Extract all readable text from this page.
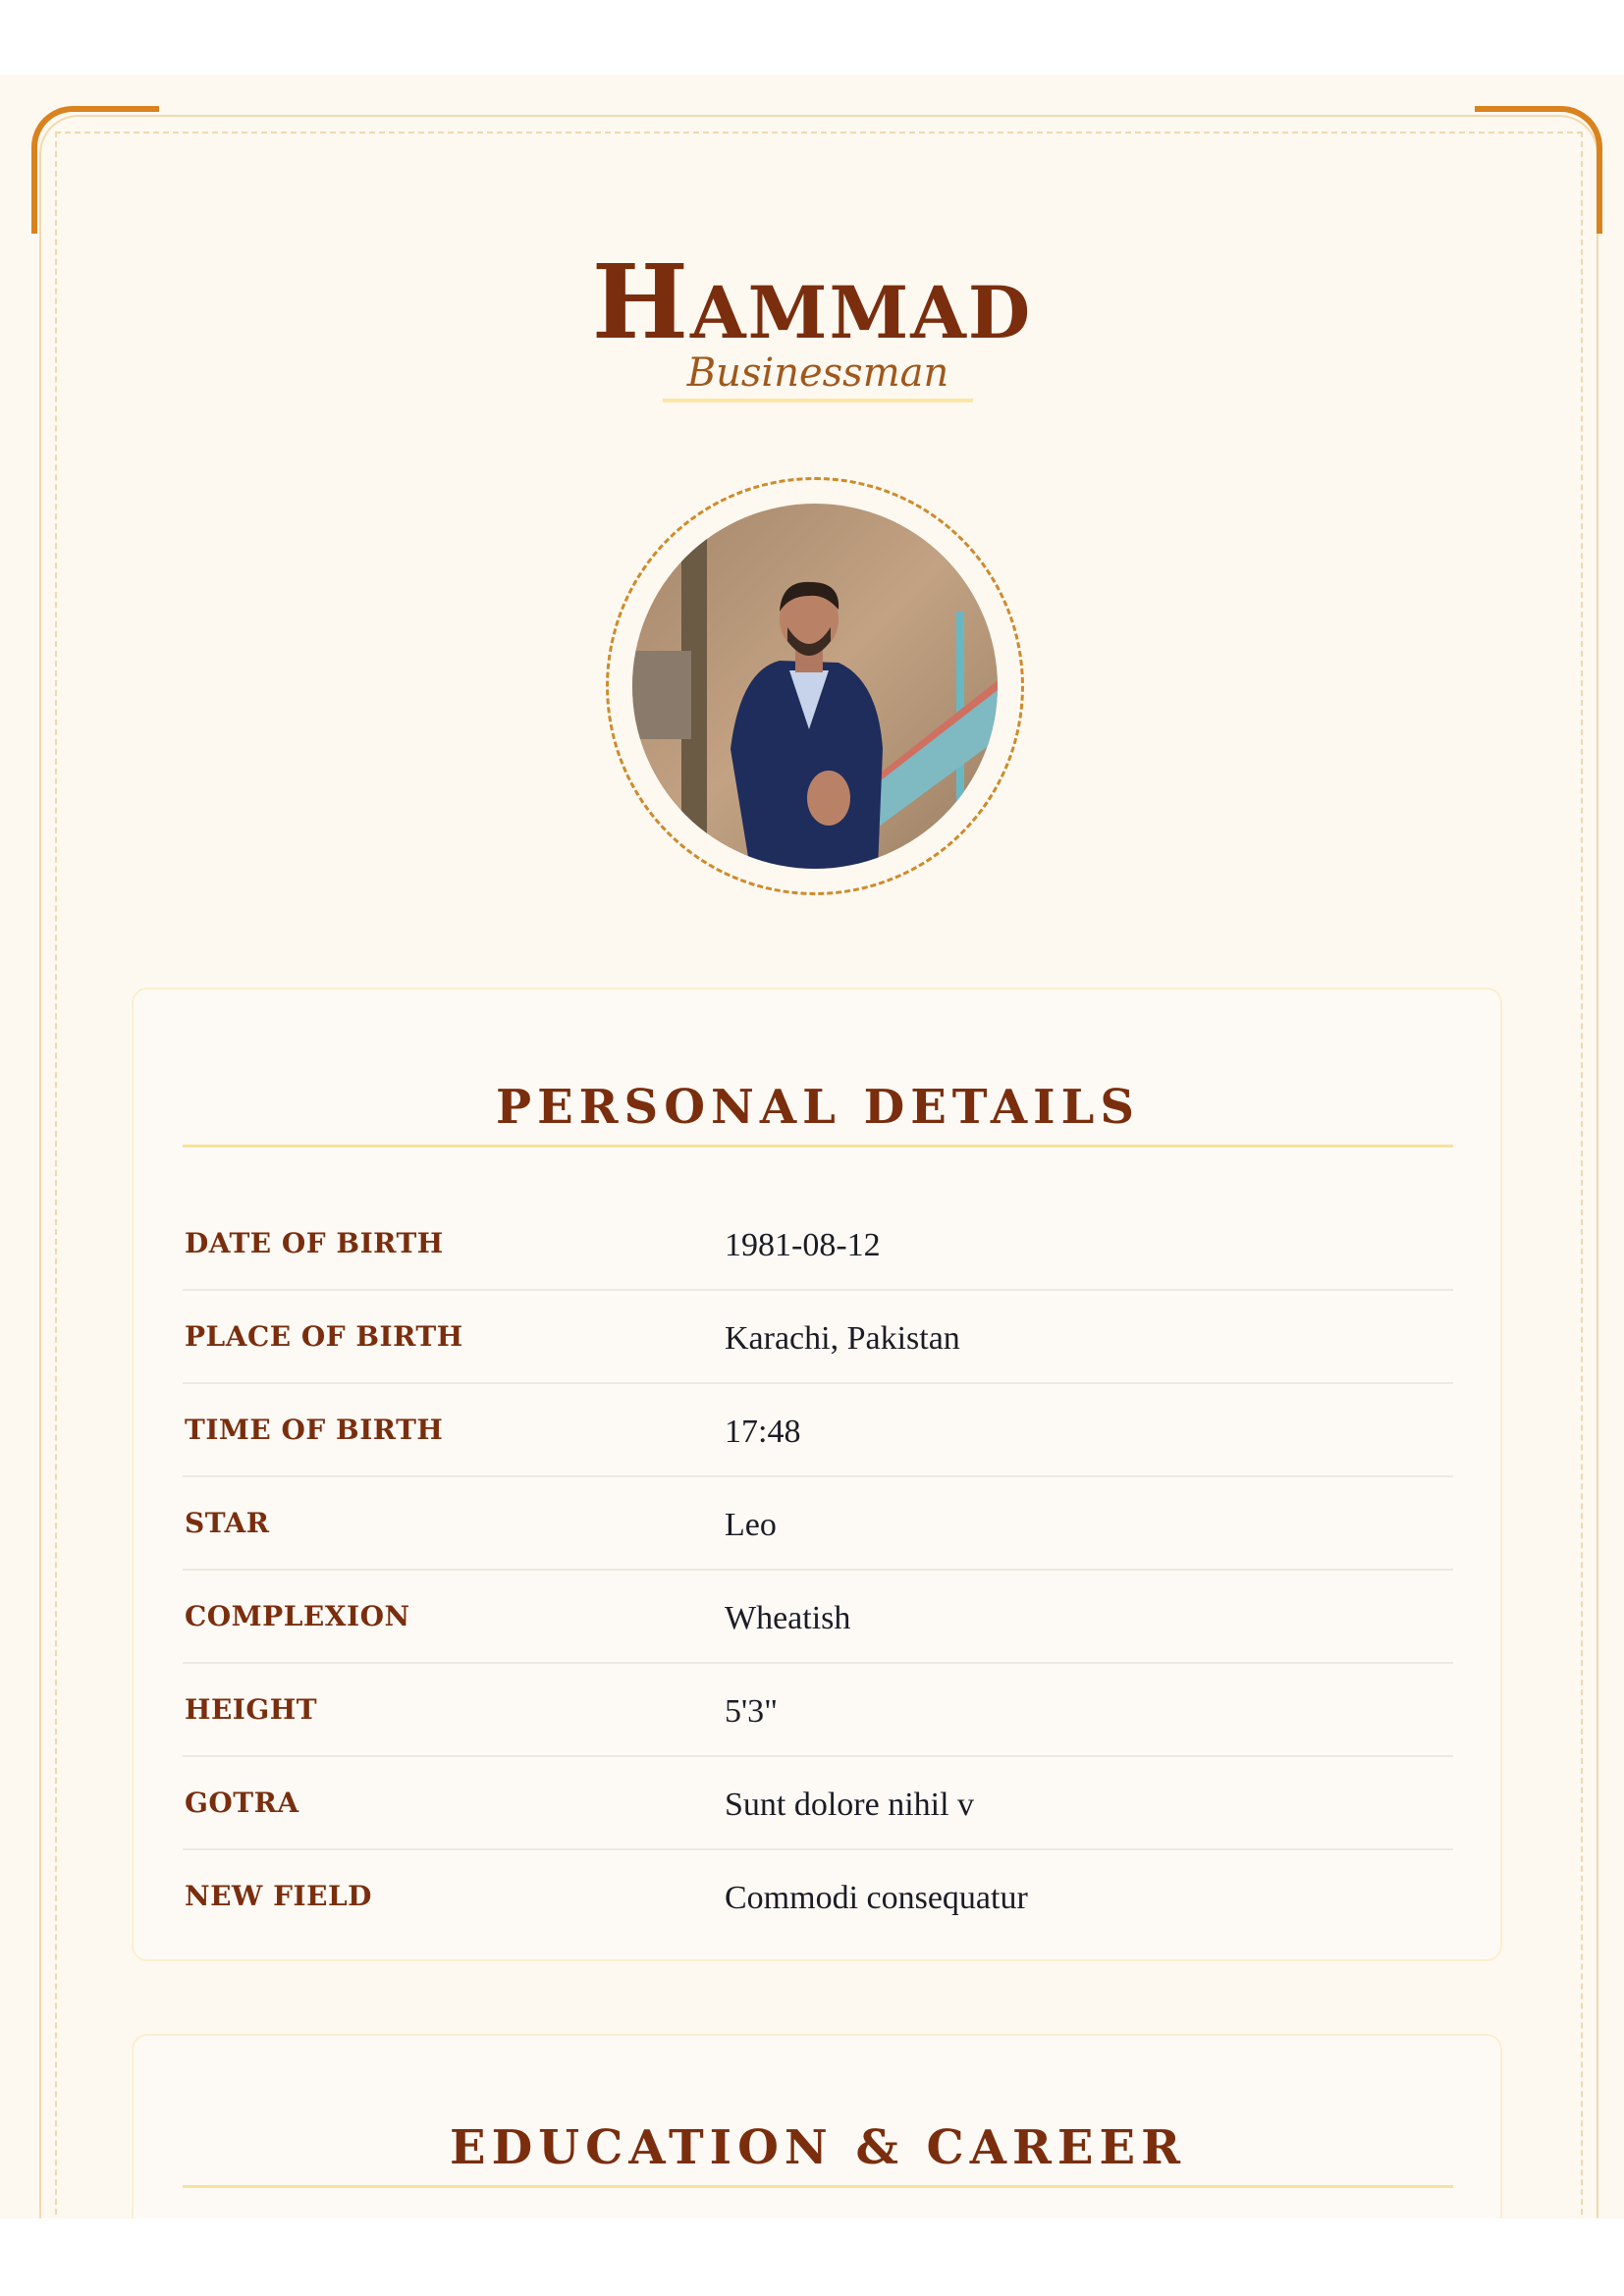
Hammad
Businessman
PERSONAL DETAILS
DATE OF BIRTH	1981-08-12
PLACE OF BIRTH	Karachi, Pakistan
TIME OF BIRTH	17:48
STAR	Leo
COMPLEXION	Wheatish
HEIGHT	5'3"
GOTRA	Sunt dolore nihil v
NEW FIELD	Commodi consequatur
EDUCATION & CAREER
